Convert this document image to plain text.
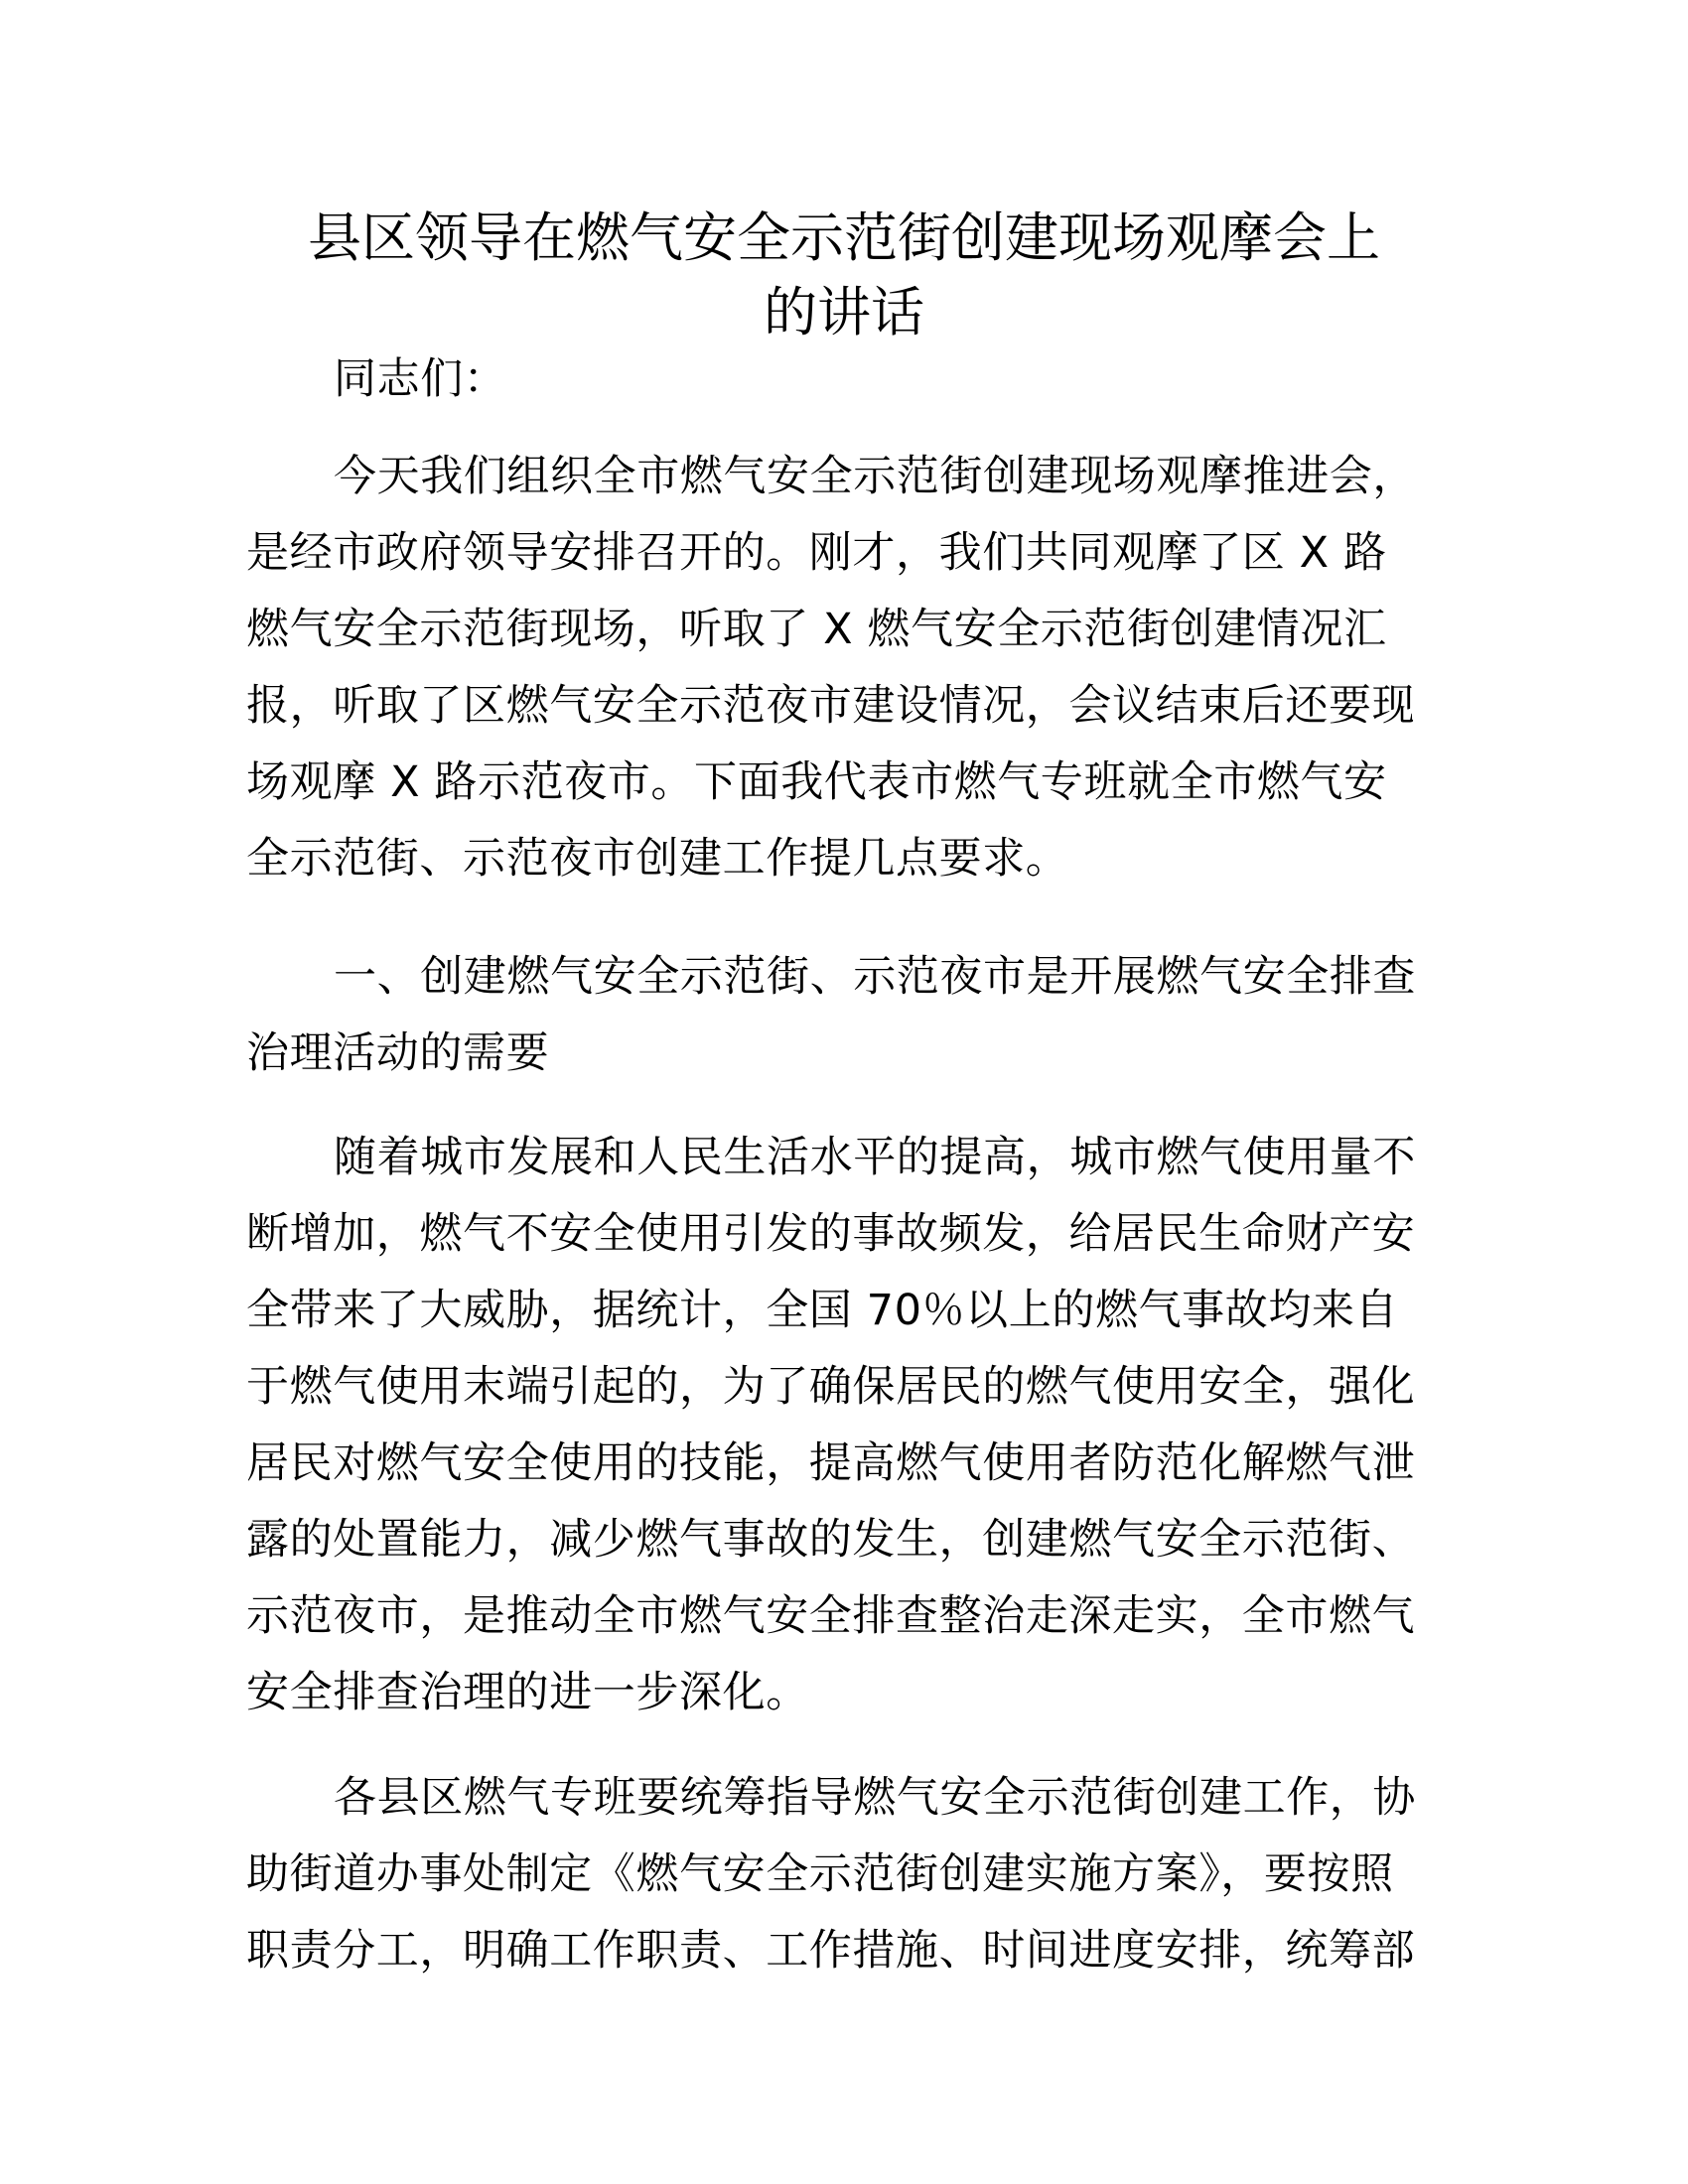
县区领导在燃气安全示范街创建现场观摩会上
的讲话
同志们：
今天我们组织全市燃气安全示范街创建现场观摩推进会，
是经市政府领导安排召开的。刚才，我们共同观摩了区 X 路
燃气安全示范街现场，听取了 X 燃气安全示范街创建情况汇
报，听取了区燃气安全示范夜市建设情况，会议结束后还要现
场观摩 X 路示范夜市。下面我代表市燃气专班就全市燃气安
全示范街、示范夜市创建工作提几点要求。
一、创建燃气安全示范街、示范夜市是开展燃气安全排查
治理活动的需要
随着城市发展和人民生活水平的提高，城市燃气使用量不
断增加，燃气不安全使用引发的事故频发，给居民生命财产安
全带来了大威胁，据统计，全国 70％以上的燃气事故均来自
于燃气使用末端引起的，为了确保居民的燃气使用安全，强化
居民对燃气安全使用的技能，提高燃气使用者防范化解燃气泄
露的处置能力，减少燃气事故的发生，创建燃气安全示范街、
示范夜市，是推动全市燃气安全排查整治走深走实，全市燃气
安全排查治理的进一步深化。
各县区燃气专班要统筹指导燃气安全示范街创建工作，协
助街道办事处制定《燃气安全示范街创建实施方案》，要按照
职责分工，明确工作职责、工作措施、时间进度安排，统筹部
